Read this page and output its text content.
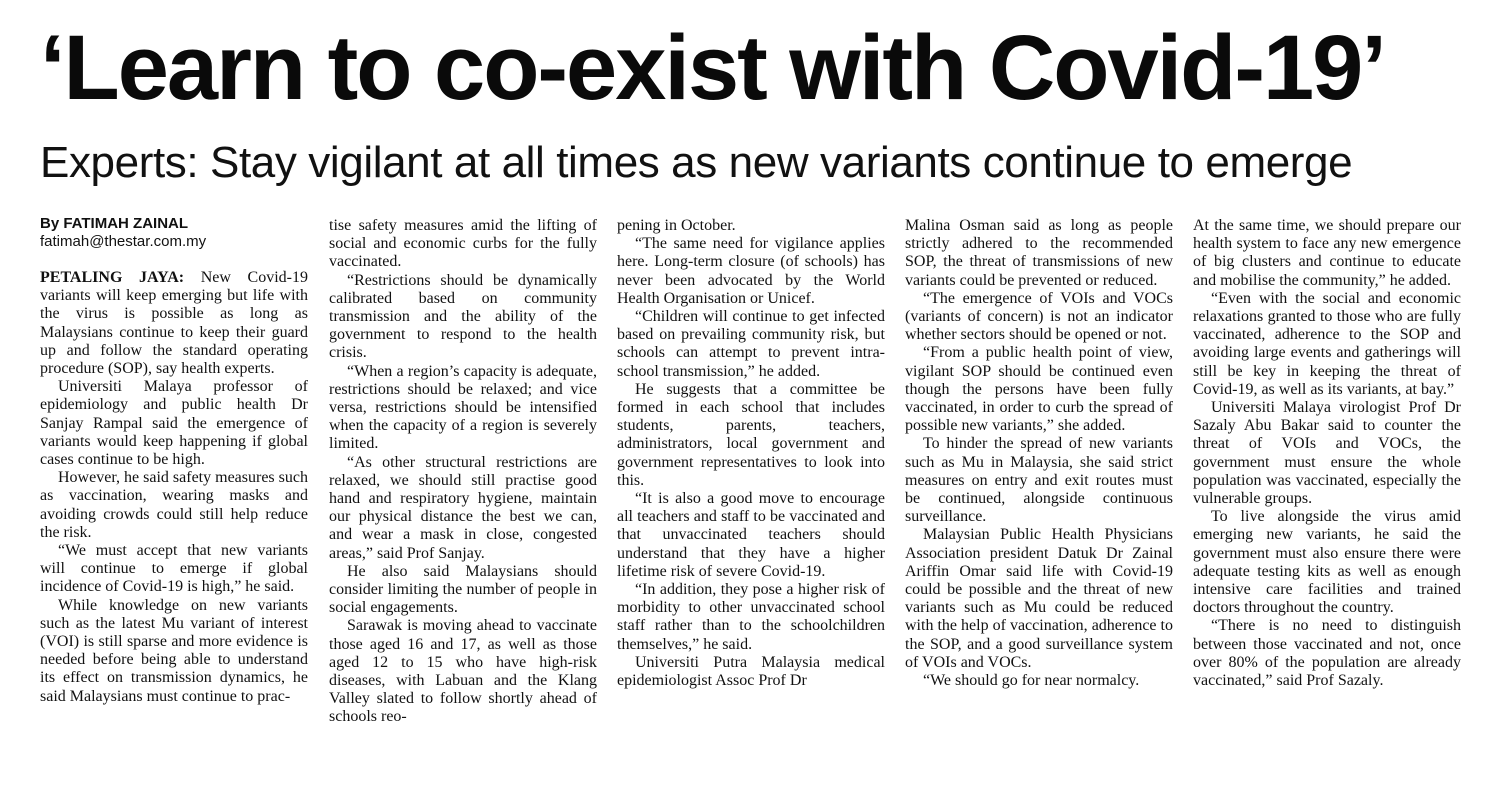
‘Learn to co-exist with Covid-19’
Experts: Stay vigilant at all times as new variants continue to emerge
By FATIMAH ZAINAL
fatimah@thestar.com.my

PETALING JAYA: New Covid-19 variants will keep emerging but life with the virus is possible as long as Malaysians continue to keep their guard up and follow the standard operating procedure (SOP), say health experts.

Universiti Malaya professor of epidemiology and public health Dr Sanjay Rampal said the emergence of variants would keep happening if global cases continue to be high.

However, he said safety measures such as vaccination, wearing masks and avoiding crowds could still help reduce the risk.

“We must accept that new variants will continue to emerge if global incidence of Covid-19 is high,” he said.

While knowledge on new variants such as the latest Mu variant of interest (VOI) is still sparse and more evidence is needed before being able to understand its effect on transmission dynamics, he said Malaysians must continue to prac-

tise safety measures amid the lifting of social and economic curbs for the fully vaccinated.

“Restrictions should be dynamically calibrated based on community transmission and the ability of the government to respond to the health crisis.

“When a region’s capacity is adequate, restrictions should be relaxed; and vice versa, restrictions should be intensified when the capacity of a region is severely limited.

“As other structural restrictions are relaxed, we should still practise good hand and respiratory hygiene, maintain our physical distance the best we can, and wear a mask in close, congested areas,” said Prof Sanjay.

He also said Malaysians should consider limiting the number of people in social engagements.

Sarawak is moving ahead to vaccinate those aged 16 and 17, as well as those aged 12 to 15 who have high-risk diseases, with Labuan and the Klang Valley slated to follow shortly ahead of schools reo-

pening in October.

“The same need for vigilance applies here. Long-term closure (of schools) has never been advocated by the World Health Organisation or Unicef.

“Children will continue to get infected based on prevailing community risk, but schools can attempt to prevent intra-school transmission,” he added.

He suggests that a committee be formed in each school that includes students, parents, teachers, administrators, local government and government representatives to look into this.

“It is also a good move to encourage all teachers and staff to be vaccinated and that unvaccinated teachers should understand that they have a higher lifetime risk of severe Covid-19.

“In addition, they pose a higher risk of morbidity to other unvaccinated school staff rather than to the schoolchildren themselves,” he said.

Universiti Putra Malaysia medical epidemiologist Assoc Prof Dr

Malina Osman said as long as people strictly adhered to the recommended SOP, the threat of transmissions of new variants could be prevented or reduced.

“The emergence of VOIs and VOCs (variants of concern) is not an indicator whether sectors should be opened or not.

“From a public health point of view, vigilant SOP should be continued even though the persons have been fully vaccinated, in order to curb the spread of possible new variants,” she added.

To hinder the spread of new variants such as Mu in Malaysia, she said strict measures on entry and exit routes must be continued, alongside continuous surveillance.

Malaysian Public Health Physicians Association president Datuk Dr Zainal Ariffin Omar said life with Covid-19 could be possible and the threat of new variants such as Mu could be reduced with the help of vaccination, adherence to the SOP, and a good surveillance system of VOIs and VOCs.

“We should go for near normalcy.

At the same time, we should prepare our health system to face any new emergence of big clusters and continue to educate and mobilise the community,” he added.

“Even with the social and economic relaxations granted to those who are fully vaccinated, adherence to the SOP and avoiding large events and gatherings will still be key in keeping the threat of Covid-19, as well as its variants, at bay.”

Universiti Malaya virologist Prof Dr Sazaly Abu Bakar said to counter the threat of VOIs and VOCs, the government must ensure the whole population was vaccinated, especially the vulnerable groups.

To live alongside the virus amid emerging new variants, he said the government must also ensure there were adequate testing kits as well as enough intensive care facilities and trained doctors throughout the country.

“There is no need to distinguish between those vaccinated and not, once over 80% of the population are already vaccinated,” said Prof Sazaly.
